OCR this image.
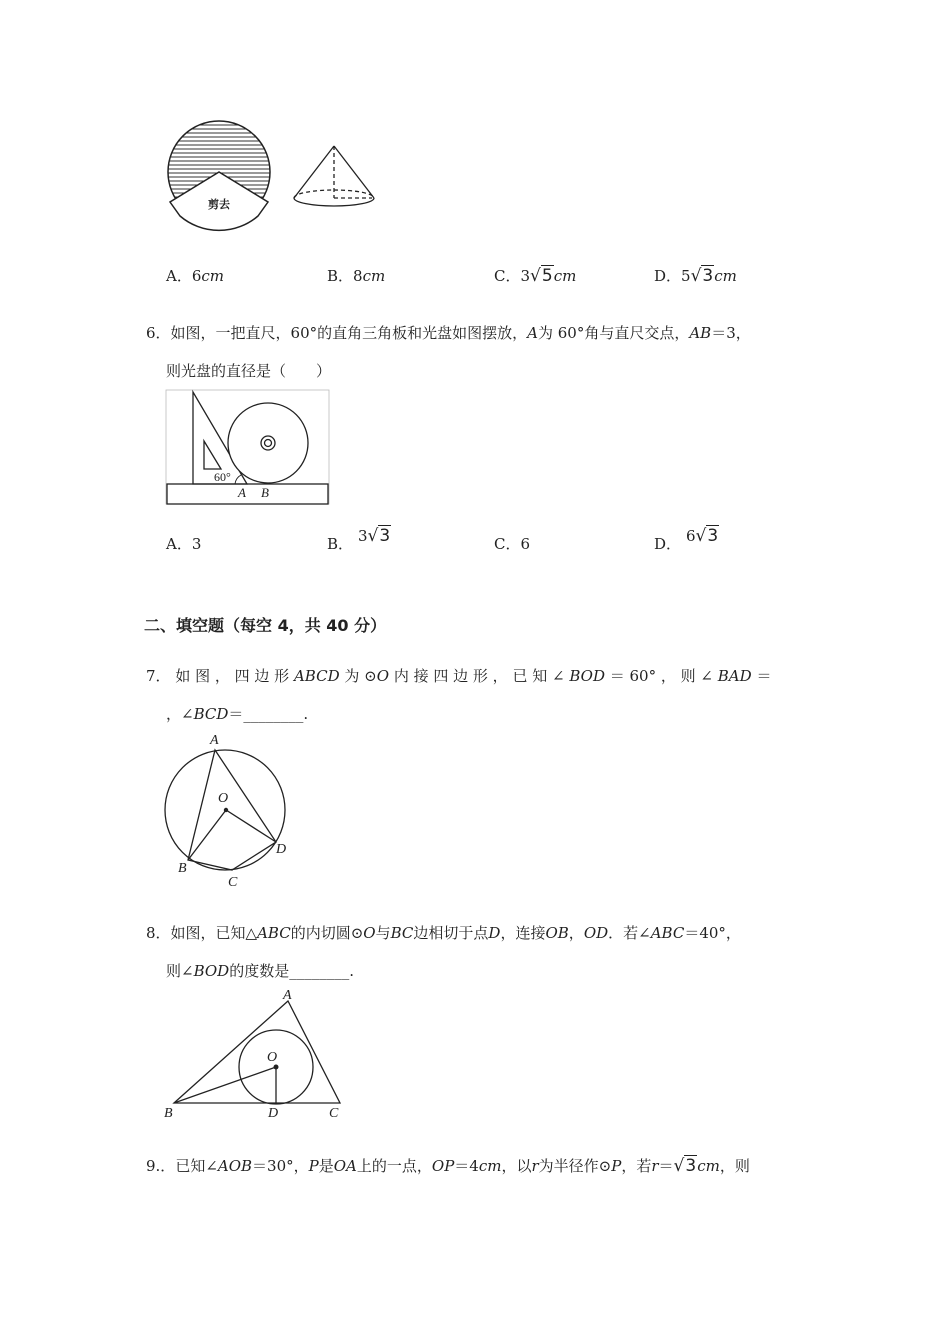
剪去
A．6cm	B．8cm	C．3√5cm	D．5√3cm
6．如图，一把直尺，60°的直角三角板和光盘如图摆放，A为 60°角与直尺交点，AB＝3，
则光盘的直径是（　　）
60°
A B
A．3	B． 3√3	C．6	D． 6√3
二、填空题（每空 4，共 40 分）
7． 如 图 ， 四 边 形 ABCD 为 ⊙O 内 接 四 边 形 ， 已 知 ∠ BOD ＝ 60° ， 则 ∠ BAD ＝
，∠BCD＝________.
A
O
B
C
D
8．如图，已知△ABC的内切圆⊙O与BC边相切于点D，连接OB，OD．若∠ABC＝40°，
则∠BOD的度数是________.
A
O
B	D	C
9.．已知∠AOB＝30°，P是OA上的一点，OP＝4cm，以r为半径作⊙P，若r＝√3cm，则
